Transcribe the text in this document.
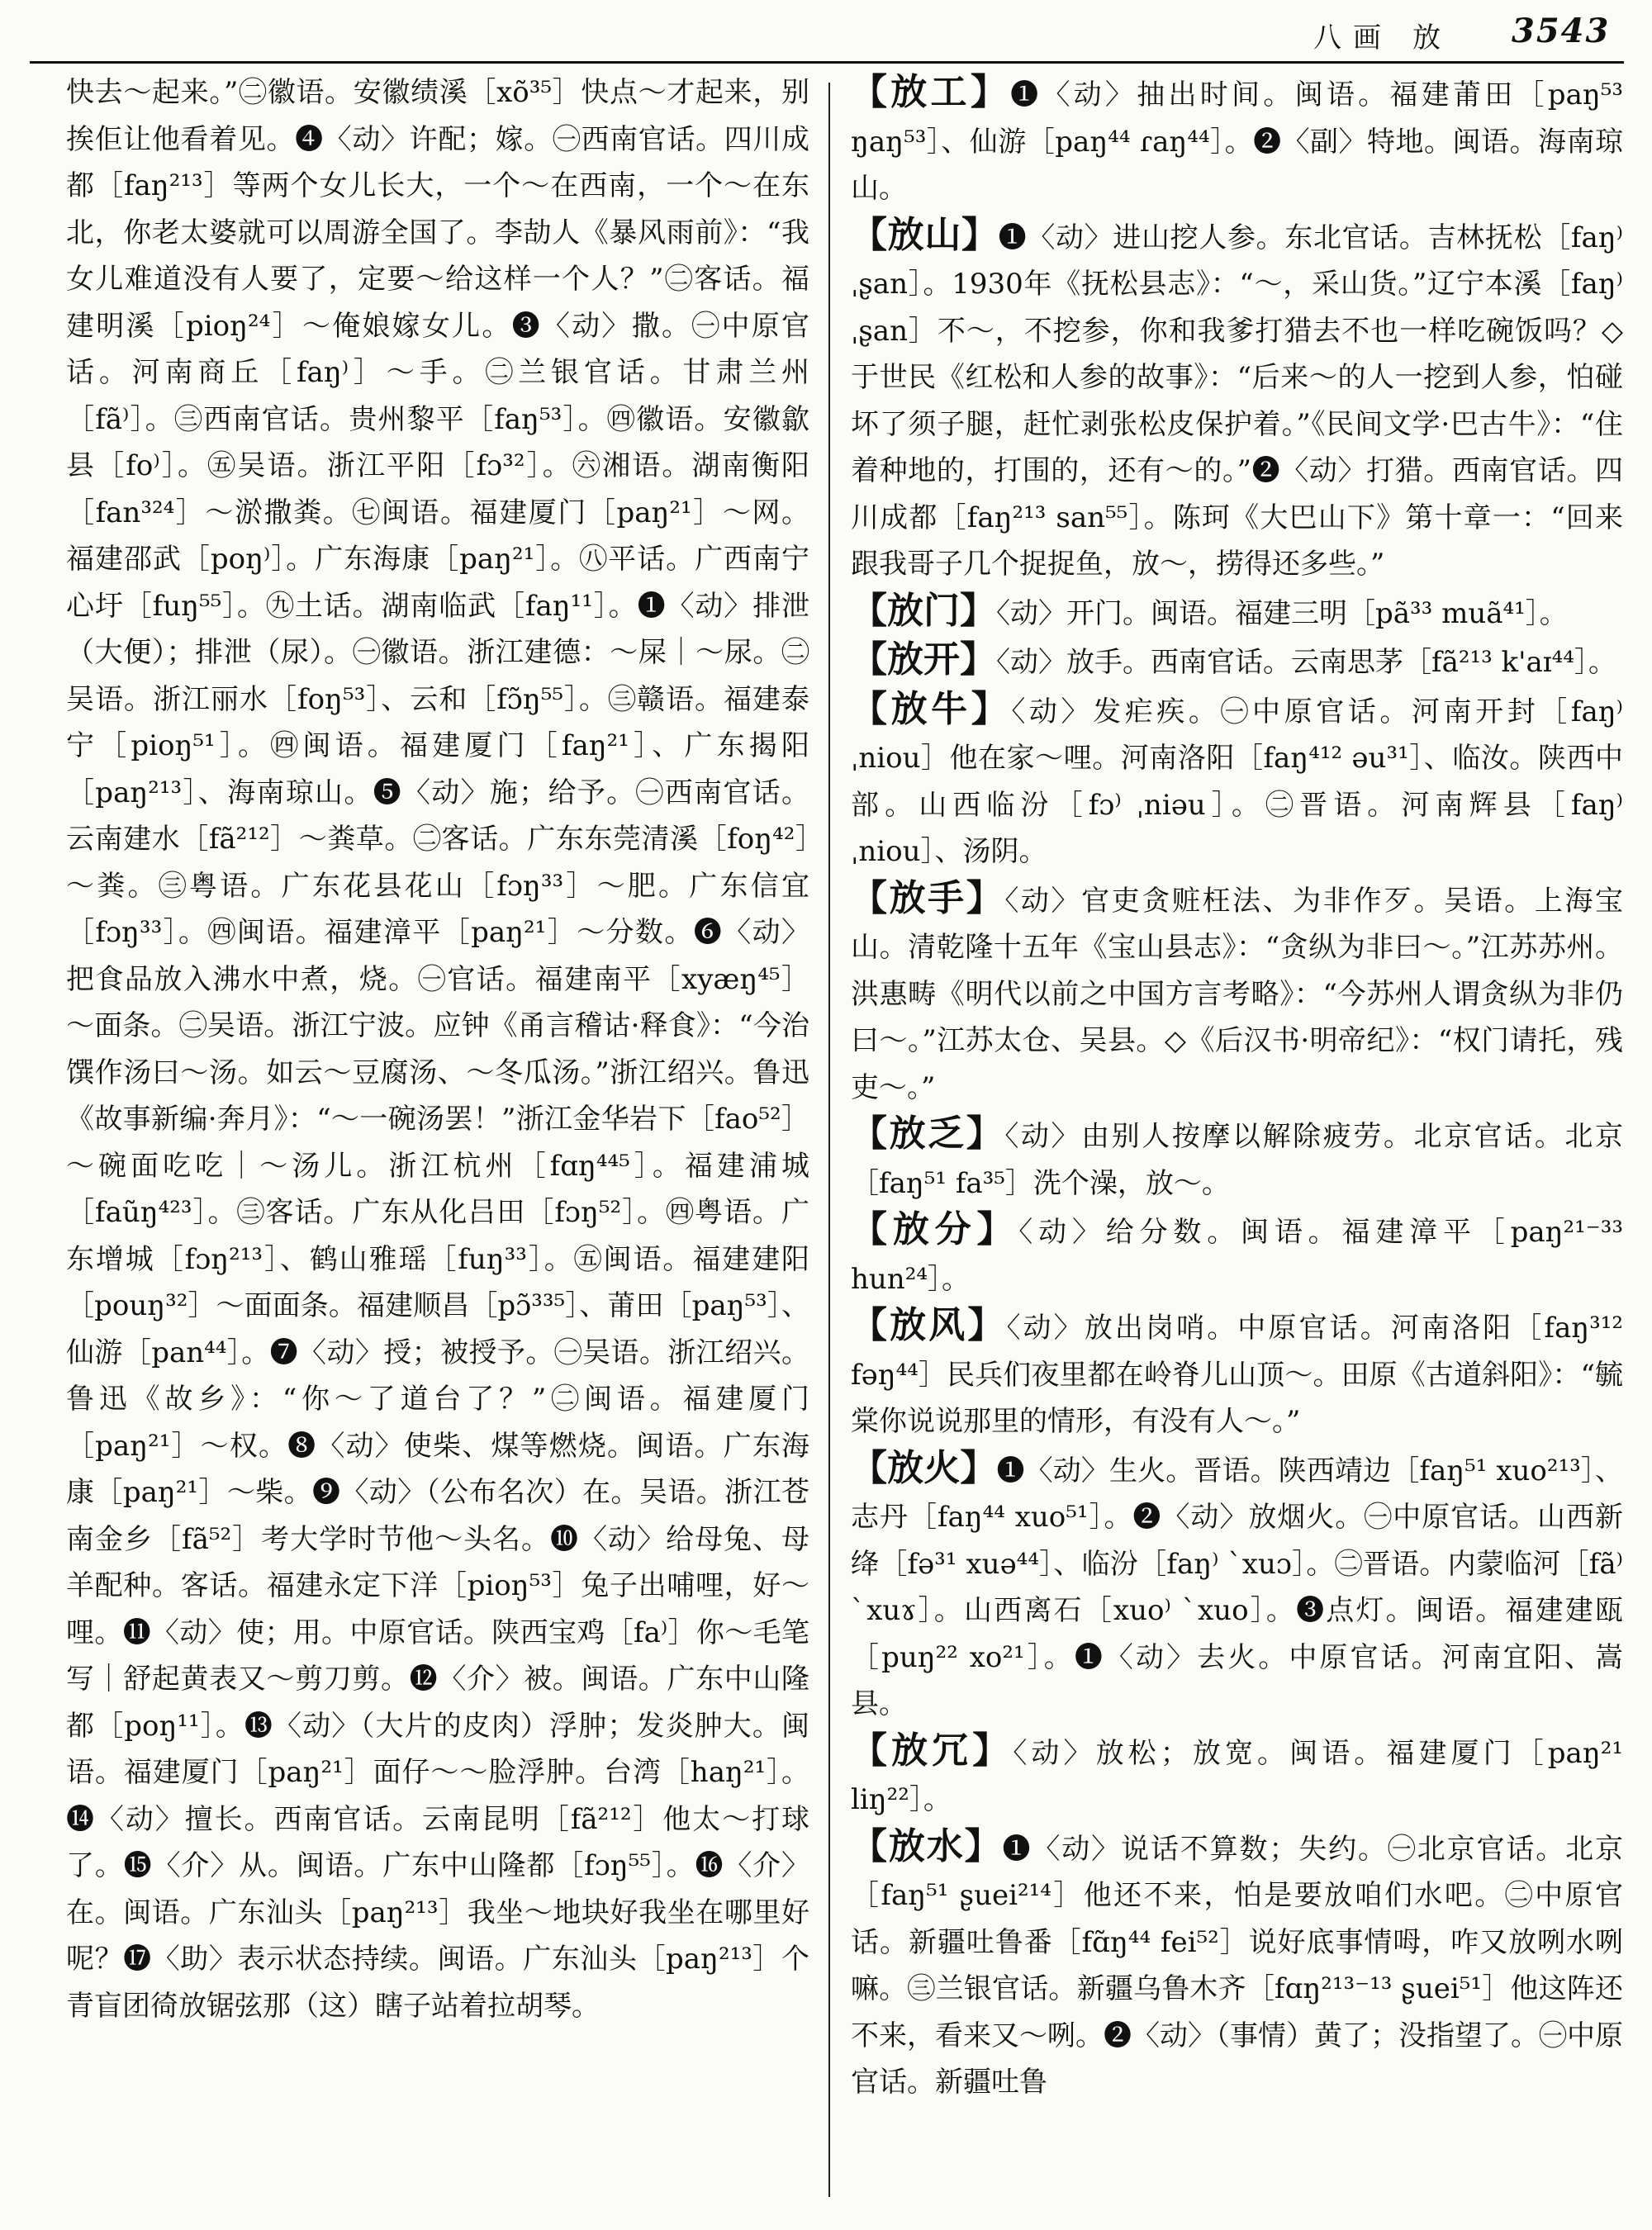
八画 放 3543

快去～起来。”㊁徽语。安徽绩溪［xõ³⁵］快点～才起来，别挨佢让他看着见。❹〈动〉许配；嫁。㊀西南官话。四川成都［faŋ²¹³］等两个女儿长大，一个～在西南，一个～在东北，你老太婆就可以周游全国了。李劼人《暴风雨前》：“我女儿难道没有人要了，定要～给这样一个人？”㊁客话。福建明溪［pioŋ²⁴］～俺娘嫁女儿。❸〈动〉撒。㊀中原官话。河南商丘［faŋ⁾］～手。㊁兰银官话。甘肃兰州［fã⁾］。㊂西南官话。贵州黎平［faŋ⁵³］。㊃徽语。安徽歙县［fo⁾］。㊄吴语。浙江平阳［fɔ³²］。㊅湘语。湖南衡阳［fan³²⁴］～淤撒粪。㊆闽语。福建厦门［paŋ²¹］～网。福建邵武［poŋ⁾］。广东海康［paŋ²¹］。㊇平话。广西南宁心圩［fuŋ⁵⁵］。㊈土话。湖南临武［faŋ¹¹］。❶〈动〉排泄（大便）；排泄（尿）。㊀徽语。浙江建德：～屎｜～尿。㊁吴语。浙江丽水［foŋ⁵³］、云和［fɔ̃ŋ⁵⁵］。㊂赣语。福建泰宁［pioŋ⁵¹］。㊃闽语。福建厦门［faŋ²¹］、广东揭阳［paŋ²¹³］、海南琼山。❺〈动〉施；给予。㊀西南官话。云南建水［fã²¹²］～粪草。㊁客话。广东东莞清溪［foŋ⁴²］～粪。㊂粤语。广东花县花山［fɔŋ³³］～肥。广东信宜［fɔŋ³³］。㊃闽语。福建漳平［paŋ²¹］～分数。❻〈动〉把食品放入沸水中煮，烧。㊀官话。福建南平［xyæŋ⁴⁵］～面条。㊁吴语。浙江宁波。应钟《甬言稽诂·释食》：“今治馔作汤曰～汤。如云～豆腐汤、～冬瓜汤。”浙江绍兴。鲁迅《故事新编·奔月》：“～一碗汤罢！”浙江金华岩下［fao⁵²］～碗面吃吃｜～汤儿。浙江杭州［fɑŋ⁴⁴⁵］。福建浦城［faũŋ⁴²³］。㊂客话。广东从化吕田［fɔŋ⁵²］。㊃粤语。广东增城［fɔŋ²¹³］、鹤山雅瑶［fuŋ³³］。㊄闽语。福建建阳［pouŋ³²］～面面条。福建顺昌［pɔ̃³³⁵］、莆田［paŋ⁵³］、仙游［pan⁴⁴］。❼〈动〉授；被授予。㊀吴语。浙江绍兴。鲁迅《故乡》：“你～了道台了？”㊁闽语。福建厦门［paŋ²¹］～权。❽〈动〉使柴、煤等燃烧。闽语。广东海康［paŋ²¹］～柴。❾〈动〉（公布名次）在。吴语。浙江苍南金乡［fã⁵²］考大学时节他～头名。❿〈动〉给母兔、母羊配种。客话。福建永定下洋［pioŋ⁵³］兔子出哺哩，好～哩。⓫〈动〉使；用。中原官话。陕西宝鸡［fa⁾］你～毛笔写｜舒起黄表又～剪刀剪。⓬〈介〉被。闽语。广东中山隆都［poŋ¹¹］。⓭〈动〉（大片的皮肉）浮肿；发炎肿大。闽语。福建厦门［paŋ²¹］面仔～～脸浮肿。台湾［haŋ²¹］。⓮〈动〉擅长。西南官话。云南昆明［fã²¹²］他太～打球了。⓯〈介〉从。闽语。广东中山隆都［fɔŋ⁵⁵］。⓰〈介〉在。闽语。广东汕头［paŋ²¹³］我坐～地块好我坐在哪里好呢？⓱〈助〉表示状态持续。闽语。广东汕头［paŋ²¹³］个青盲团徛放锯弦那（这）瞎子站着拉胡琴。

【放工】❶〈动〉抽出时间。闽语。福建莆田［paŋ⁵³ ŋaŋ⁵³］、仙游［paŋ⁴⁴ ɾaŋ⁴⁴］。❷〈副〉特地。闽语。海南琼山。

【放山】❶〈动〉进山挖人参。东北官话。吉林抚松［faŋ⁾ ˌʂan］。1930年《抚松县志》：“～，采山货。”辽宁本溪［faŋ⁾ ˌʂan］不～，不挖参，你和我爹打猎去不也一样吃碗饭吗？◇于世民《红松和人参的故事》：“后来～的人一挖到人参，怕碰坏了须子腿，赶忙剥张松皮保护着。”《民间文学·巴古牛》：“住着种地的，打围的，还有～的。”❷〈动〉打猎。西南官话。四川成都［faŋ²¹³ san⁵⁵］。陈珂《大巴山下》第十章一：“回来跟我哥子几个捉捉鱼，放～，捞得还多些。”

【放门】〈动〉开门。闽语。福建三明［pã³³ muã⁴¹］。

【放开】〈动〉放手。西南官话。云南思茅［fã²¹³ k'aɪ⁴⁴］。

【放牛】〈动〉发疟疾。㊀中原官话。河南开封［faŋ⁾ ˌniou］他在家～哩。河南洛阳［faŋ⁴¹² əu³¹］、临汝。陕西中部。山西临汾［fɔ⁾ ˌniəu］。㊁晋语。河南辉县［faŋ⁾ ˌniou］、汤阴。

【放手】〈动〉官吏贪赃枉法、为非作歹。吴语。上海宝山。清乾隆十五年《宝山县志》：“贪纵为非曰～。”江苏苏州。洪惠畴《明代以前之中国方言考略》：“今苏州人谓贪纵为非仍曰～。”江苏太仓、吴县。◇《后汉书·明帝纪》：“权门请托，残吏～。”

【放乏】〈动〉由别人按摩以解除疲劳。北京官话。北京［faŋ⁵¹ fa³⁵］洗个澡，放～。

【放分】〈动〉给分数。闽语。福建漳平［paŋ²¹⁻³³ hun²⁴］。

【放风】〈动〉放出岗哨。中原官话。河南洛阳［faŋ³¹² fəŋ⁴⁴］民兵们夜里都在岭脊儿山顶～。田原《古道斜阳》：“毓棠你说说那里的情形，有没有人～。”

【放火】❶〈动〉生火。晋语。陕西靖边［faŋ⁵¹ xuo²¹³］、志丹［faŋ⁴⁴ xuo⁵¹］。❷〈动〉放烟火。㊀中原官话。山西新绛［fə³¹ xuə⁴⁴］、临汾［faŋ⁾ ˋxuɔ］。㊁晋语。内蒙临河［fã⁾ ˋxuɤ］。山西离石［xuo⁾ ˋxuo］。❸点灯。闽语。福建建瓯［puŋ²² xo²¹］。❶〈动〉去火。中原官话。河南宜阳、嵩县。

【放冗】〈动〉放松；放宽。闽语。福建厦门［paŋ²¹ liŋ²²］。

【放水】❶〈动〉说话不算数；失约。㊀北京官话。北京［faŋ⁵¹ ʂuei²¹⁴］他还不来，怕是要放咱们水吧。㊁中原官话。新疆吐鲁番［fɑ̃ŋ⁴⁴ fei⁵²］说好底事情呣，咋又放咧水咧嘛。㊂兰银官话。新疆乌鲁木齐［fɑŋ²¹³⁻¹³ ʂuei⁵¹］他这阵还不来，看来又～咧。❷〈动〉（事情）黄了；没指望了。㊀中原官话。新疆吐鲁
